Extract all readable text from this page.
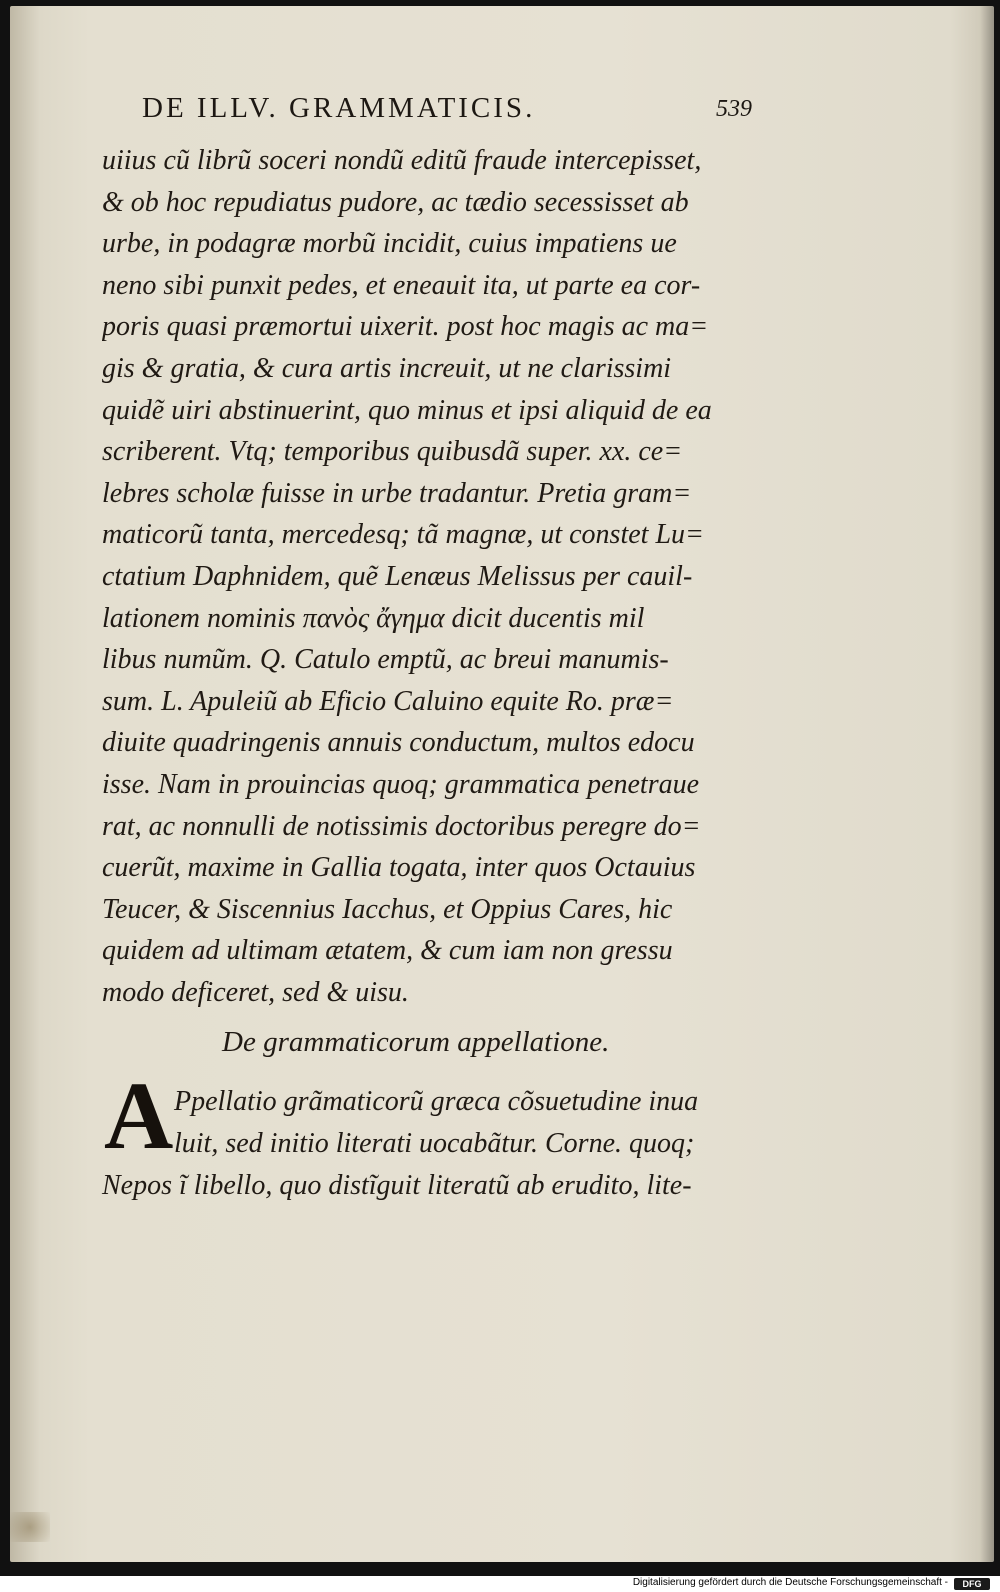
DE ILLV. GRAMMATICIS.	539
uiius cũ librũ soceri nondũ editũ fraude intercepisset,
& ob hoc repudiatus pudore, ac tædio secessisset ab
urbe, in podagræ morbũ incidit, cuius impatiens ue
neno sibi punxit pedes, et eneauit ita, ut parte ea cor-
poris quasi præmortui uixerit. post hoc magis ac ma=
gis & gratia, & cura artis increuit, ut ne clarissimi
quidẽ uiri abstinuerint, quo minus et ipsi aliquid de ea
scriberent. Vtq; temporibus quibusdã super. xx. ce=
lebres scholæ fuisse in urbe tradantur. Pretia gram=
maticorũ tanta, mercedesq; tã magnæ, ut constet Lu=
ctatium Daphnidem, quẽ Lenæus Melissus per cauil-
lationem nominis πανὸς ἄγημα dicit ducentis mil
libus numũm. Q. Catulo emptũ, ac breui manumis-
sum. L. Apuleiũ ab Eficio Caluino equite Ro. præ=
diuite quadringenis annuis conductum, multos edocu
isse. Nam in prouincias quoq; grammatica penetraue
rat, ac nonnulli de notissimis doctoribus peregre do=
cuerũt, maxime in Gallia togata, inter quos Octauius
Teucer, & Siscennius Iacchus, et Oppius Cares, hic
quidem ad ultimam ætatem, & cum iam non gressu
modo deficeret, sed & uisu.
De grammaticorum appellatione.
A Ppellatio grãmaticorũ græca cõsuetudine inua
luit, sed initio literati uocabãtur. Corne. quoq;
Nepos ĩ libello, quo distĩguit literatũ ab erudito, lite-
Digitalisierung gefördert durch die Deutsche Forschungsgemeinschaft -	DFG
